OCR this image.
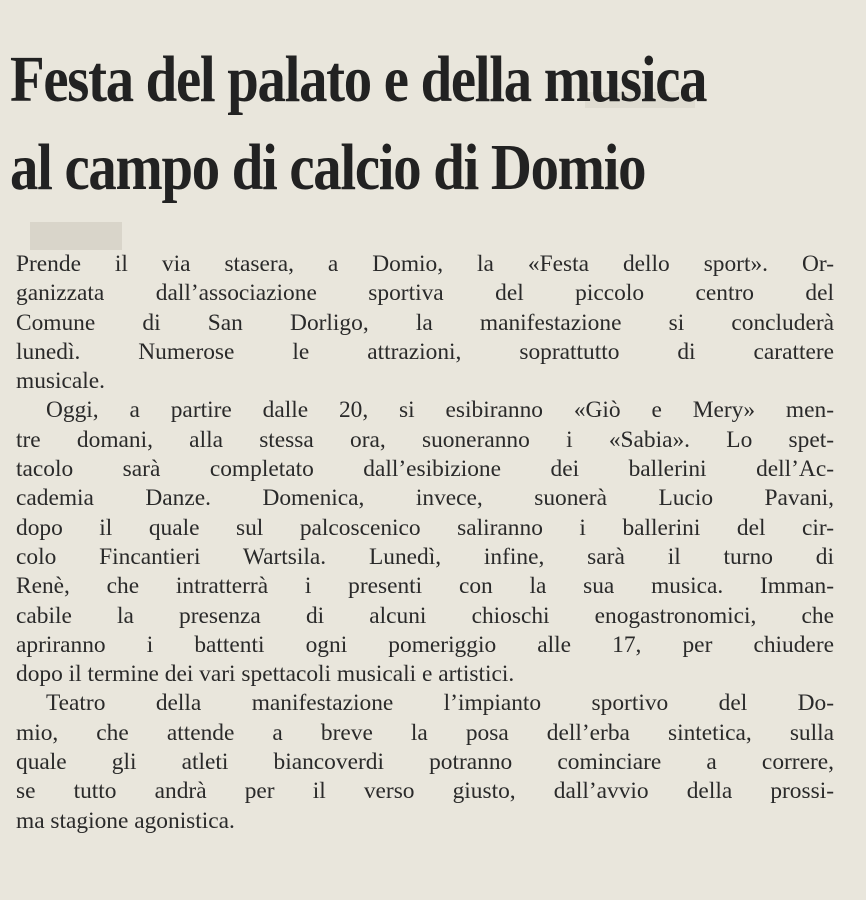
Festa del palato e della musica
al campo di calcio di Domio

Prende il via stasera, a Domio, la «Festa dello sport». Or-
ganizzata dall’associazione sportiva del piccolo centro del
Comune di San Dorligo, la manifestazione si concluderà
lunedì. Numerose le attrazioni, soprattutto di carattere
musicale.

Oggi, a partire dalle 20, si esibiranno «Giò e Mery» men-
tre domani, alla stessa ora, suoneranno i «Sabia». Lo spet-
tacolo sarà completato dall’esibizione dei ballerini dell’Ac-
cademia Danze. Domenica, invece, suonerà Lucio Pavani,
dopo il quale sul palcoscenico saliranno i ballerini del cir-
colo Fincantieri Wartsila. Lunedì, infine, sarà il turno di
Renè, che intratterrà i presenti con la sua musica. Imman-
cabile la presenza di alcuni chioschi enogastronomici, che
apriranno i battenti ogni pomeriggio alle 17, per chiudere
dopo il termine dei vari spettacoli musicali e artistici.

Teatro della manifestazione l’impianto sportivo del Do-
mio, che attende a breve la posa dell’erba sintetica, sulla
quale gli atleti biancoverdi potranno cominciare a correre,
se tutto andrà per il verso giusto, dall’avvio della prossi-
ma stagione agonistica.
